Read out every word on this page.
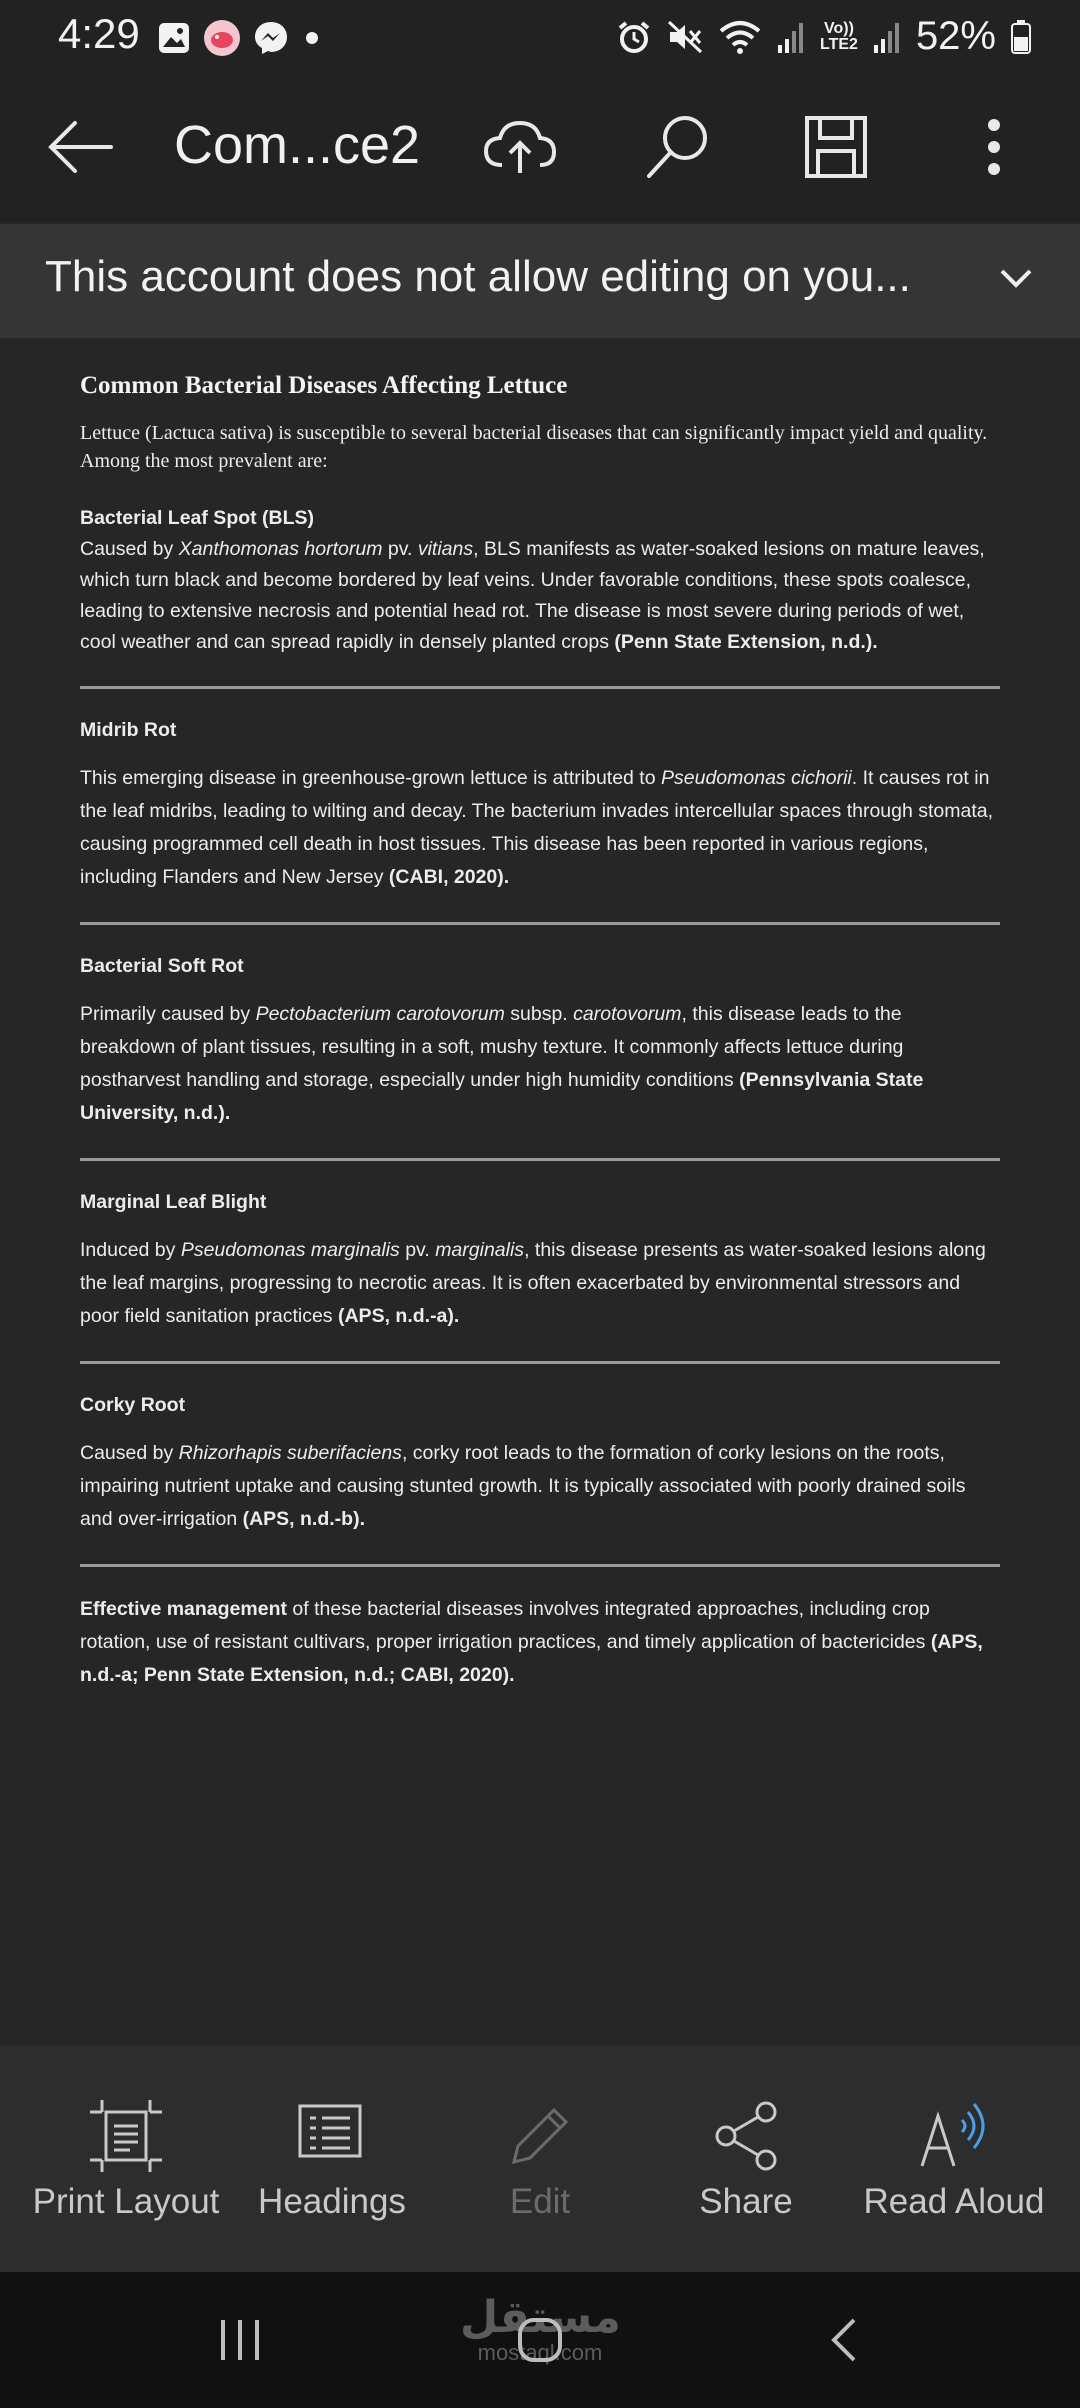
4:29	Vo))
LTE2 52%
Com...ce2
This account does not allow editing on you...
Common Bacterial Diseases Affecting Lettuce

Lettuce (Lactuca sativa) is susceptible to several bacterial diseases that can significantly impact yield and quality. Among the most prevalent are:

Bacterial Leaf Spot (BLS)

Caused by Xanthomonas hortorum pv. vitians, BLS manifests as water-soaked lesions on mature leaves, which turn black and become bordered by leaf veins. Under favorable conditions, these spots coalesce, leading to extensive necrosis and potential head rot. The disease is most severe during periods of wet, cool weather and can spread rapidly in densely planted crops (Penn State Extension, n.d.).

Midrib Rot

This emerging disease in greenhouse-grown lettuce is attributed to Pseudomonas cichorii. It causes rot in the leaf midribs, leading to wilting and decay. The bacterium invades intercellular spaces through stomata, causing programmed cell death in host tissues. This disease has been reported in various regions, including Flanders and New Jersey (CABI, 2020).

Bacterial Soft Rot

Primarily caused by Pectobacterium carotovorum subsp. carotovorum, this disease leads to the breakdown of plant tissues, resulting in a soft, mushy texture. It commonly affects lettuce during postharvest handling and storage, especially under high humidity conditions (Pennsylvania State University, n.d.).

Marginal Leaf Blight

Induced by Pseudomonas marginalis pv. marginalis, this disease presents as water-soaked lesions along the leaf margins, progressing to necrotic areas. It is often exacerbated by environmental stressors and poor field sanitation practices (APS, n.d.-a).

Corky Root

Caused by Rhizorhapis suberifaciens, corky root leads to the formation of corky lesions on the roots, impairing nutrient uptake and causing stunted growth. It is typically associated with poorly drained soils and over-irrigation (APS, n.d.-b).

Effective management of these bacterial diseases involves integrated approaches, including crop rotation, use of resistant cultivars, proper irrigation practices, and timely application of bactericides (APS, n.d.-a; Penn State Extension, n.d.; CABI, 2020).

Print Layout	Headings	Edit	Share	Read Aloud
مستقل
mostaql.com
